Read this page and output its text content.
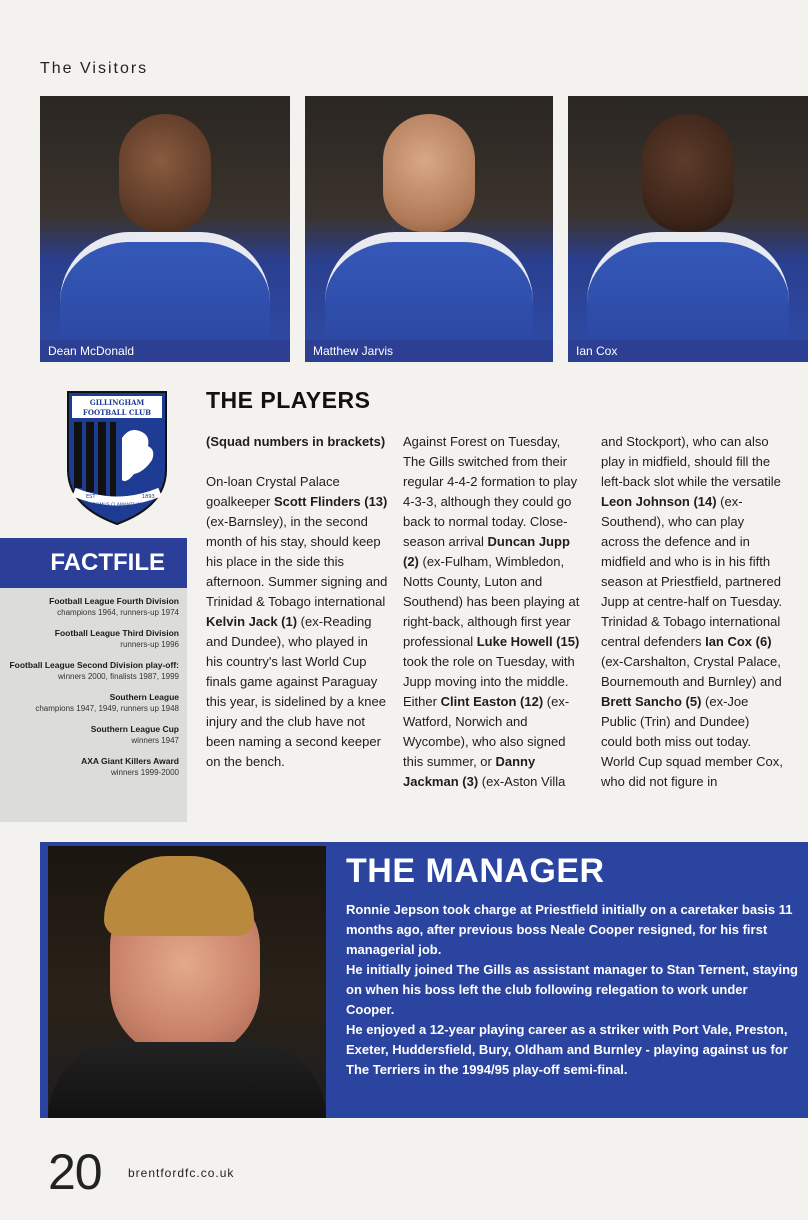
The Visitors
Dean McDonald	Matthew Jarvis	Ian Cox
GILLINGHAM
FOOTBALL CLUB
EST	1893
DOMUS CLAMANTIUM
FACTFILE
Football League Fourth Division
champions 1964, runners-up 1974
Football League Third Division
runners-up 1996
Football League Second Division play-off:
winners 2000, finalists 1987, 1999
Southern League
champions 1947, 1949, runners up 1948
Southern League Cup
winners 1947
AXA Giant Killers Award
winners 1999-2000
THE PLAYERS

(Squad numbers in brackets)

On-loan Crystal Palace goalkeeper Scott Flinders (13) (ex-Barnsley), in the second month of his stay, should keep his place in the side this afternoon. Summer signing and Trinidad & Tobago international Kelvin Jack (1) (ex-Reading and Dundee), who played in his country's last World Cup finals game against Paraguay this year, is sidelined by a knee injury and the club have not been naming a second keeper on the bench.

Against Forest on Tuesday, The Gills switched from their regular 4-4-2 formation to play 4-3-3, although they could go back to normal today. Close-season arrival Duncan Jupp (2) (ex-Fulham, Wimbledon, Notts County, Luton and Southend) has been playing at right-back, although first year professional Luke Howell (15) took the role on Tuesday, with Jupp moving into the middle. Either Clint Easton (12) (ex-Watford, Norwich and Wycombe), who also signed this summer, or Danny Jackman (3) (ex-Aston Villa

and Stockport), who can also play in midfield, should fill the left-back slot while the versatile Leon Johnson (14) (ex-Southend), who can play across the defence and in midfield and who is in his fifth season at Priestfield, partnered Jupp at centre-half on Tuesday. Trinidad & Tobago international central defenders Ian Cox (6) (ex-Carshalton, Crystal Palace, Bournemouth and Burnley) and Brett Sancho (5) (ex-Joe Public (Trin) and Dundee) could both miss out today. World Cup squad member Cox, who did not figure in

THE MANAGER

Ronnie Jepson took charge at Priestfield initially on a caretaker basis 11 months ago, after previous boss Neale Cooper resigned, for his first managerial job.

He initially joined The Gills as assistant manager to Stan Ternent, staying on when his boss left the club following relegation to work under Cooper.

He enjoyed a 12-year playing career as a striker with Port Vale, Preston, Exeter, Huddersfield, Bury, Oldham and Burnley - playing against us for The Terriers in the 1994/95 play-off semi-final.

20 brentfordfc.co.uk
